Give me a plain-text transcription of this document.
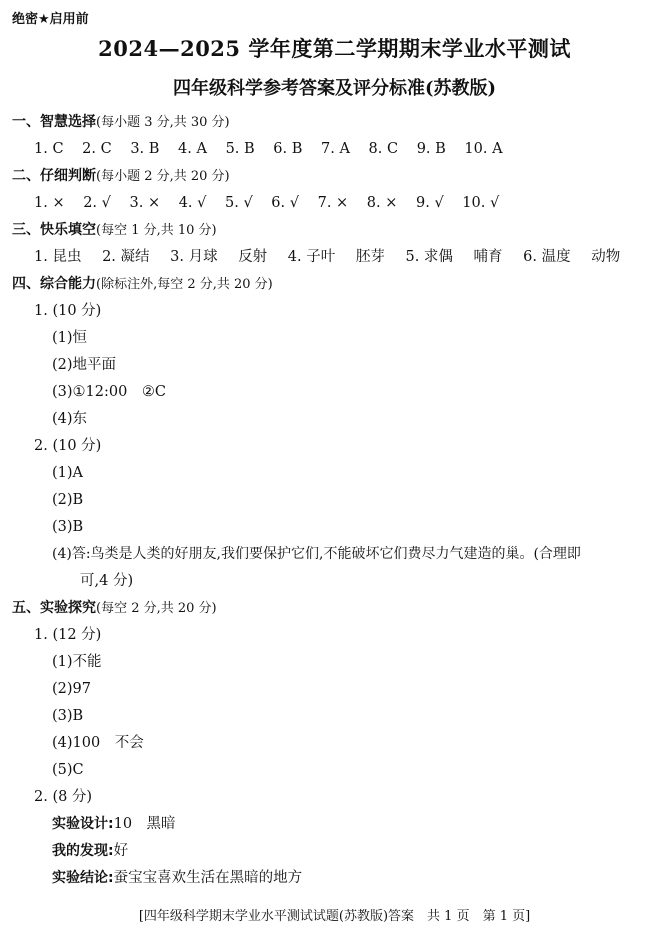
绝密★启用前
2024—2025 学年度第二学期期末学业水平测试
四年级科学参考答案及评分标准(苏教版)
一、智慧选择(每小题 3 分,共 30 分)
1. C 2. C 3. B 4. A 5. B 6. B 7. A 8. C 9. B 10. A
二、仔细判断(每小题 2 分,共 20 分)
1. × 2. √ 3. × 4. √ 5. √ 6. √ 7. × 8. × 9. √ 10. √
三、快乐填空(每空 1 分,共 10 分)
1. 昆虫 2. 凝结 3. 月球 反射 4. 子叶 胚芽 5. 求偶 哺育 6. 温度 动物
四、综合能力(除标注外,每空 2 分,共 20 分)
1. (10 分)
(1)恒
(2)地平面
(3)①12:00　②C
(4)东
2. (10 分)
(1)A
(2)B
(3)B
(4)答:鸟类是人类的好朋友,我们要保护它们,不能破坏它们费尽力气建造的巢。(合理即
可,4 分)
五、实验探究(每空 2 分,共 20 分)
1. (12 分)
(1)不能
(2)97
(3)B
(4)100　不会
(5)C
2. (8 分)
实验设计:10　黑暗
我的发现:好
实验结论:蚕宝宝喜欢生活在黑暗的地方
[四年级科学期末学业水平测试试题(苏教版)答案　共 1 页　第 1 页]
